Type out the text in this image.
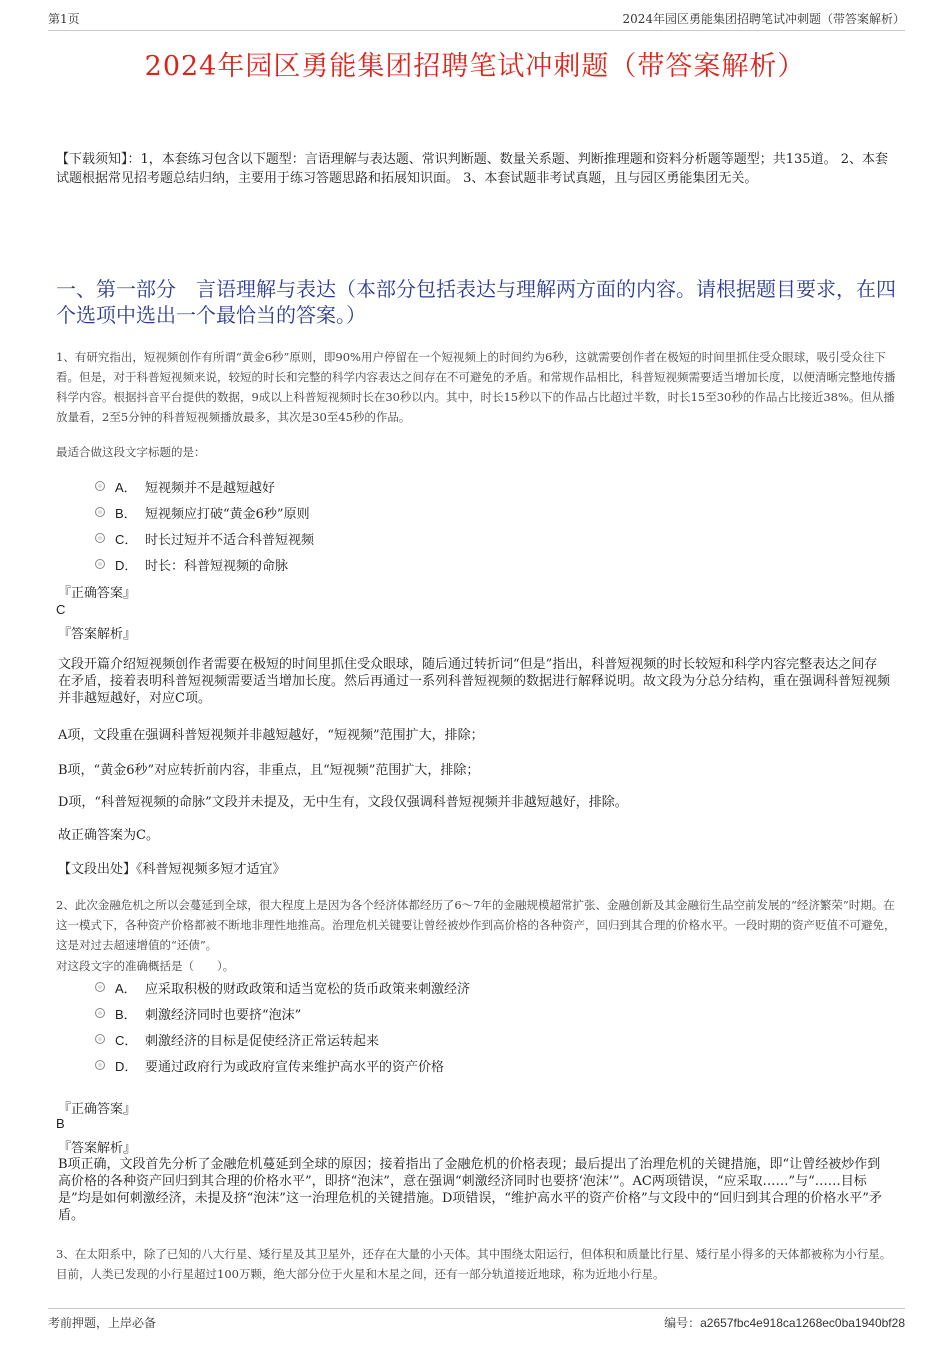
第1页	2024年园区勇能集团招聘笔试冲刺题（带答案解析）
2024年园区勇能集团招聘笔试冲刺题（带答案解析）
【下载须知】：1，本套练习包含以下题型：言语理解与表达题、常识判断题、数量关系题、判断推理题和资料分析题等题型；共135道。 2、本套试题根据常见招考题总结归纳，主要用于练习答题思路和拓展知识面。 3、本套试题非考试真题，且与园区勇能集团无关。
一、第一部分　言语理解与表达（本部分包括表达与理解两方面的内容。请根据题目要求，在四个选项中选出一个最恰当的答案。）
1、有研究指出，短视频创作有所谓“黄金6秒”原则，即90%用户停留在一个短视频上的时间约为6秒，这就需要创作者在极短的时间里抓住受众眼球，吸引受众往下看。但是，对于科普短视频来说，较短的时长和完整的科学内容表达之间存在不可避免的矛盾。和常规作品相比，科普短视频需要适当增加长度，以便清晰完整地传播科学内容。根据抖音平台提供的数据，9成以上科普短视频时长在30秒以内。其中，时长15秒以下的作品占比超过半数，时长15至30秒的作品占比接近38%。但从播放量看，2至5分钟的科普短视频播放最多，其次是30至45秒的作品。
最适合做这段文字标题的是：
A． 短视频并不是越短越好
B． 短视频应打破“黄金6秒”原则
C． 时长过短并不适合科普短视频
D． 时长：科普短视频的命脉
『正确答案』
C
『答案解析』
文段开篇介绍短视频创作者需要在极短的时间里抓住受众眼球，随后通过转折词“但是”指出，科普短视频的时长较短和科学内容完整表达之间存在矛盾，接着表明科普短视频需要适当增加长度。然后再通过一系列科普短视频的数据进行解释说明。故文段为分总分结构，重在强调科普短视频并非越短越好，对应C项。
A项，文段重在强调科普短视频并非越短越好，“短视频”范围扩大，排除；
B项，“黄金6秒”对应转折前内容，非重点，且“短视频”范围扩大，排除；
D项，“科普短视频的命脉”文段并未提及，无中生有，文段仅强调科普短视频并非越短越好，排除。
故正确答案为C。
【文段出处】《科普短视频多短才适宜》
2、此次金融危机之所以会蔓延到全球，很大程度上是因为各个经济体都经历了6～7年的金融规模超常扩张、金融创新及其金融衍生品空前发展的“经济繁荣”时期。在这一模式下，各种资产价格都被不断地非理性地推高。治理危机关键要让曾经被炒作到高价格的各种资产，回归到其合理的价格水平。一段时期的资产贬值不可避免，这是对过去超速增值的“还债”。
对这段文字的准确概括是（　　）。
A． 应采取积极的财政政策和适当宽松的货币政策来刺激经济
B． 刺激经济同时也要挤“泡沫”
C． 刺激经济的目标是促使经济正常运转起来
D． 要通过政府行为或政府宣传来维护高水平的资产价格
『正确答案』
B
『答案解析』
B项正确，文段首先分析了金融危机蔓延到全球的原因；接着指出了金融危机的价格表现；最后提出了治理危机的关键措施，即“让曾经被炒作到高价格的各种资产回归到其合理的价格水平”，即挤“泡沫”，意在强调“刺激经济同时也要挤‘泡沫’”。AC两项错误，“应采取……”与“……目标是”均是如何刺激经济，未提及挤“泡沫”这一治理危机的关键措施。D项错误，“维护高水平的资产价格”与文段中的“回归到其合理的价格水平”矛盾。
3、在太阳系中，除了已知的八大行星、矮行星及其卫星外，还存在大量的小天体。其中围绕太阳运行，但体积和质量比行星、矮行星小得多的天体都被称为小行星。目前，人类已发现的小行星超过100万颗，绝大部分位于火星和木星之间，还有一部分轨道接近地球，称为近地小行星。
考前押题，上岸必备	编号：a2657fbc4e918ca1268ec0ba1940bf28
